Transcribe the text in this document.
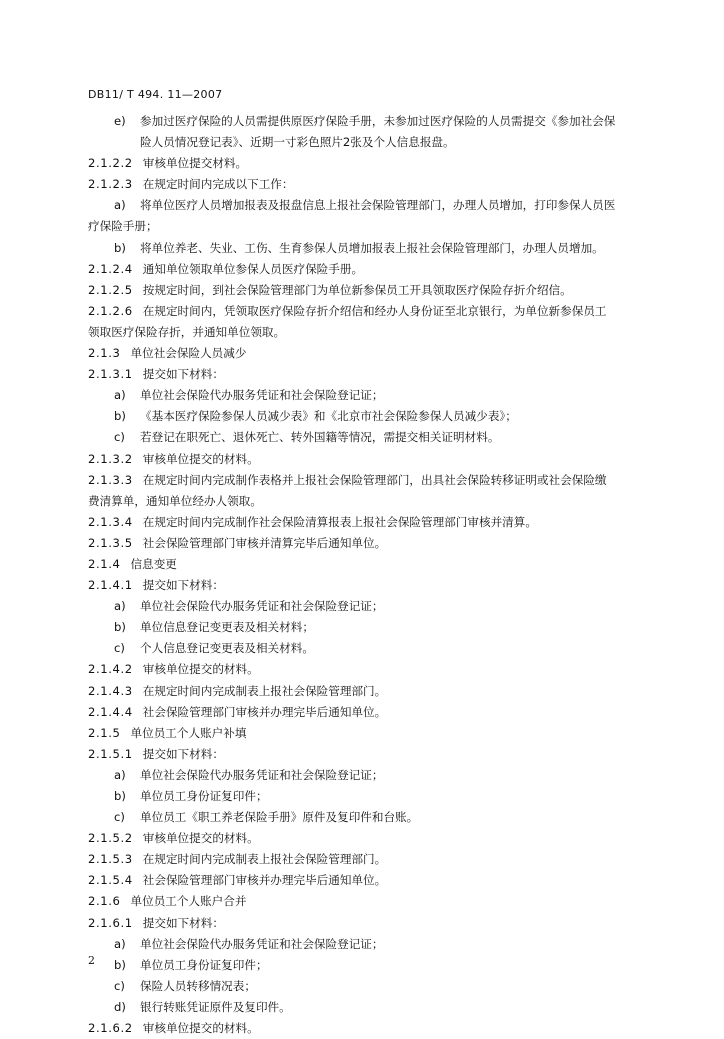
DB11/ T 494. 11—2007
e)	参加过医疗保险的人员需提供原医疗保险手册，未参加过医疗保险的人员需提交《参加社会保
险人员情况登记表》、近期一寸彩色照片2张及个人信息报盘。
2.1.2.2 审核单位提交材料。
2.1.2.3 在规定时间内完成以下工作：
a)	将单位医疗人员增加报表及报盘信息上报社会保险管理部门，办理人员增加，打印参保人员医
疗保险手册；
b)	将单位养老、失业、工伤、生育参保人员增加报表上报社会保险管理部门，办理人员增加。
2.1.2.4 通知单位领取单位参保人员医疗保险手册。
2.1.2.5 按规定时间，到社会保险管理部门为单位新参保员工开具领取医疗保险存折介绍信。
2.1.2.6 在规定时间内，凭领取医疗保险存折介绍信和经办人身份证至北京银行，为单位新参保员工
领取医疗保险存折，并通知单位领取。
2.1.3 单位社会保险人员减少
2.1.3.1 提交如下材料：
a)	单位社会保险代办服务凭证和社会保险登记证；
b)	《基本医疗保险参保人员减少表》和《北京市社会保险参保人员减少表》；
c)	若登记在职死亡、退休死亡、转外国籍等情况，需提交相关证明材料。
2.1.3.2 审核单位提交的材料。
2.1.3.3 在规定时间内完成制作表格并上报社会保险管理部门，出具社会保险转移证明或社会保险缴
费清算单，通知单位经办人领取。
2.1.3.4 在规定时间内完成制作社会保险清算报表上报社会保险管理部门审核并清算。
2.1.3.5 社会保险管理部门审核并清算完毕后通知单位。
2.1.4 信息变更
2.1.4.1 提交如下材料：
a)	单位社会保险代办服务凭证和社会保险登记证；
b)	单位信息登记变更表及相关材料；
c)	个人信息登记变更表及相关材料。
2.1.4.2 审核单位提交的材料。
2.1.4.3 在规定时间内完成制表上报社会保险管理部门。
2.1.4.4 社会保险管理部门审核并办理完毕后通知单位。
2.1.5 单位员工个人账户补填
2.1.5.1 提交如下材料：
a)	单位社会保险代办服务凭证和社会保险登记证；
b)	单位员工身份证复印件；
c)	单位员工《职工养老保险手册》原件及复印件和台账。
2.1.5.2 审核单位提交的材料。
2.1.5.3 在规定时间内完成制表上报社会保险管理部门。
2.1.5.4 社会保险管理部门审核并办理完毕后通知单位。
2.1.6 单位员工个人账户合并
2.1.6.1 提交如下材料：
a)	单位社会保险代办服务凭证和社会保险登记证；
b)	单位员工身份证复印件；
c)	保险人员转移情况表；
d)	银行转账凭证原件及复印件。
2.1.6.2 审核单位提交的材料。
2
